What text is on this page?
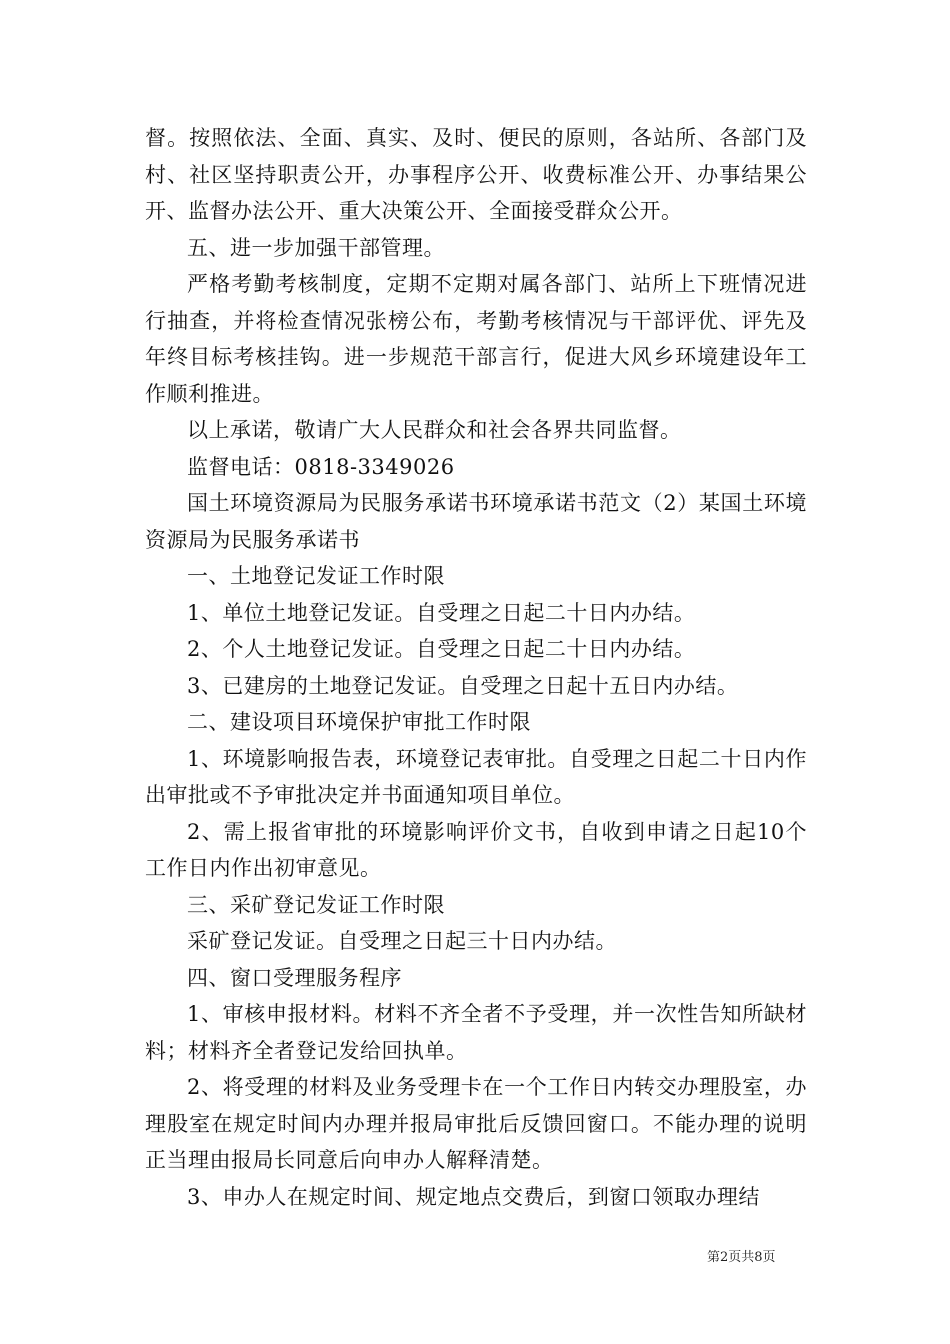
督。按照依法、全面、真实、及时、便民的原则，各站所、各部门及村、社区坚持职责公开，办事程序公开、收费标准公开、办事结果公开、监督办法公开、重大决策公开、全面接受群众公开。

五、进一步加强干部管理。

严格考勤考核制度，定期不定期对属各部门、站所上下班情况进行抽查，并将检查情况张榜公布，考勤考核情况与干部评优、评先及年终目标考核挂钩。进一步规范干部言行，促进大风乡环境建设年工作顺利推进。

以上承诺，敬请广大人民群众和社会各界共同监督。

监督电话：0818-3349026

国土环境资源局为民服务承诺书环境承诺书范文（2）某国土环境资源局为民服务承诺书

一、土地登记发证工作时限

1、单位土地登记发证。自受理之日起二十日内办结。

2、个人土地登记发证。自受理之日起二十日内办结。

3、已建房的土地登记发证。自受理之日起十五日内办结。

二、建设项目环境保护审批工作时限

1、环境影响报告表，环境登记表审批。自受理之日起二十日内作出审批或不予审批决定并书面通知项目单位。

2、需上报省审批的环境影响评价文书，自收到申请之日起10个工作日内作出初审意见。

三、采矿登记发证工作时限

采矿登记发证。自受理之日起三十日内办结。

四、窗口受理服务程序

1、审核申报材料。材料不齐全者不予受理，并一次性告知所缺材料；材料齐全者登记发给回执单。

2、将受理的材料及业务受理卡在一个工作日内转交办理股室，办理股室在规定时间内办理并报局审批后反馈回窗口。不能办理的说明正当理由报局长同意后向申办人解释清楚。

3、申办人在规定时间、规定地点交费后，到窗口领取办理结

第2页共8页
